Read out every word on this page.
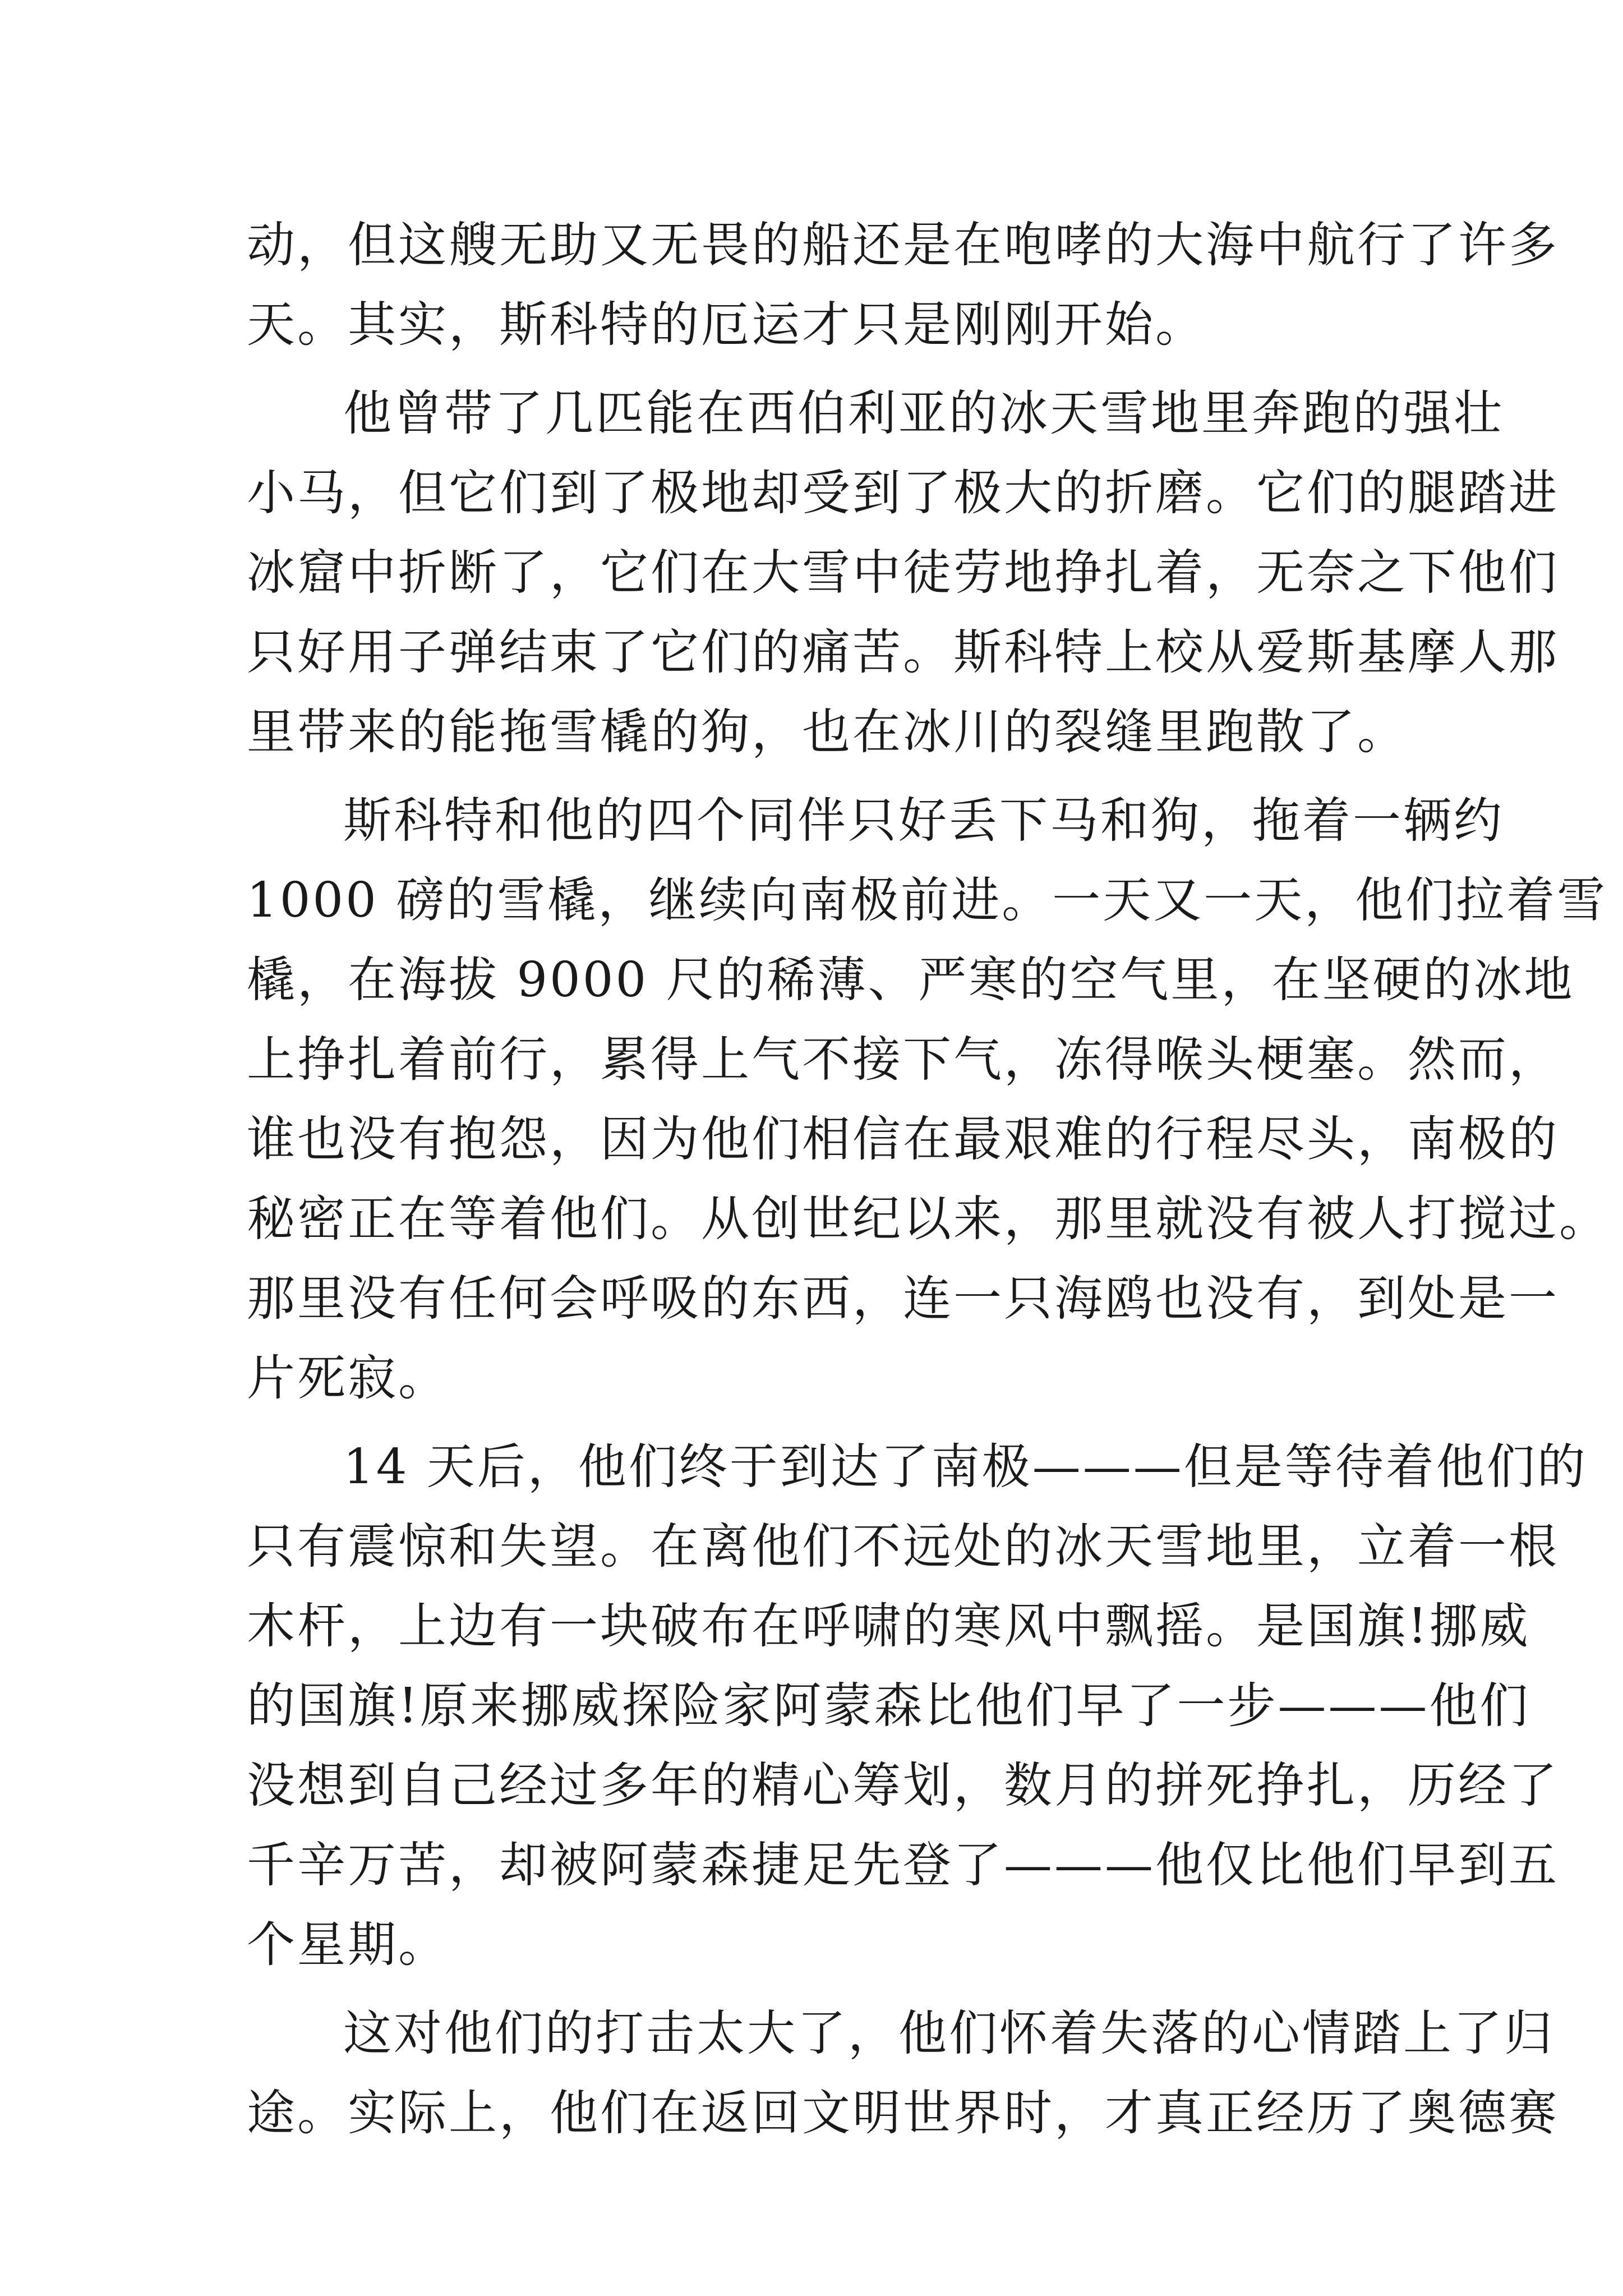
动，但这艘无助又无畏的船还是在咆哮的大海中航行了许多
天。其实，斯科特的厄运才只是刚刚开始。

他曾带了几匹能在西伯利亚的冰天雪地里奔跑的强壮
小马，但它们到了极地却受到了极大的折磨。它们的腿踏进
冰窟中折断了，它们在大雪中徒劳地挣扎着，无奈之下他们
只好用子弹结束了它们的痛苦。斯科特上校从爱斯基摩人那
里带来的能拖雪橇的狗，也在冰川的裂缝里跑散了。

斯科特和他的四个同伴只好丢下马和狗，拖着一辆约
1000 磅的雪橇，继续向南极前进。一天又一天，他们拉着雪
橇，在海拔 9000 尺的稀薄、严寒的空气里，在坚硬的冰地
上挣扎着前行，累得上气不接下气，冻得喉头梗塞。然而，
谁也没有抱怨，因为他们相信在最艰难的行程尽头，南极的
秘密正在等着他们。从创世纪以来，那里就没有被人打搅过。
那里没有任何会呼吸的东西，连一只海鸥也没有，到处是一
片死寂。

14 天后，他们终于到达了南极———但是等待着他们的
只有震惊和失望。在离他们不远处的冰天雪地里，立着一根
木杆，上边有一块破布在呼啸的寒风中飘摇。是国旗!挪威
的国旗!原来挪威探险家阿蒙森比他们早了一步———他们
没想到自己经过多年的精心筹划，数月的拼死挣扎，历经了
千辛万苦，却被阿蒙森捷足先登了———他仅比他们早到五
个星期。

这对他们的打击太大了，他们怀着失落的心情踏上了归
途。实际上，他们在返回文明世界时，才真正经历了奥德赛
